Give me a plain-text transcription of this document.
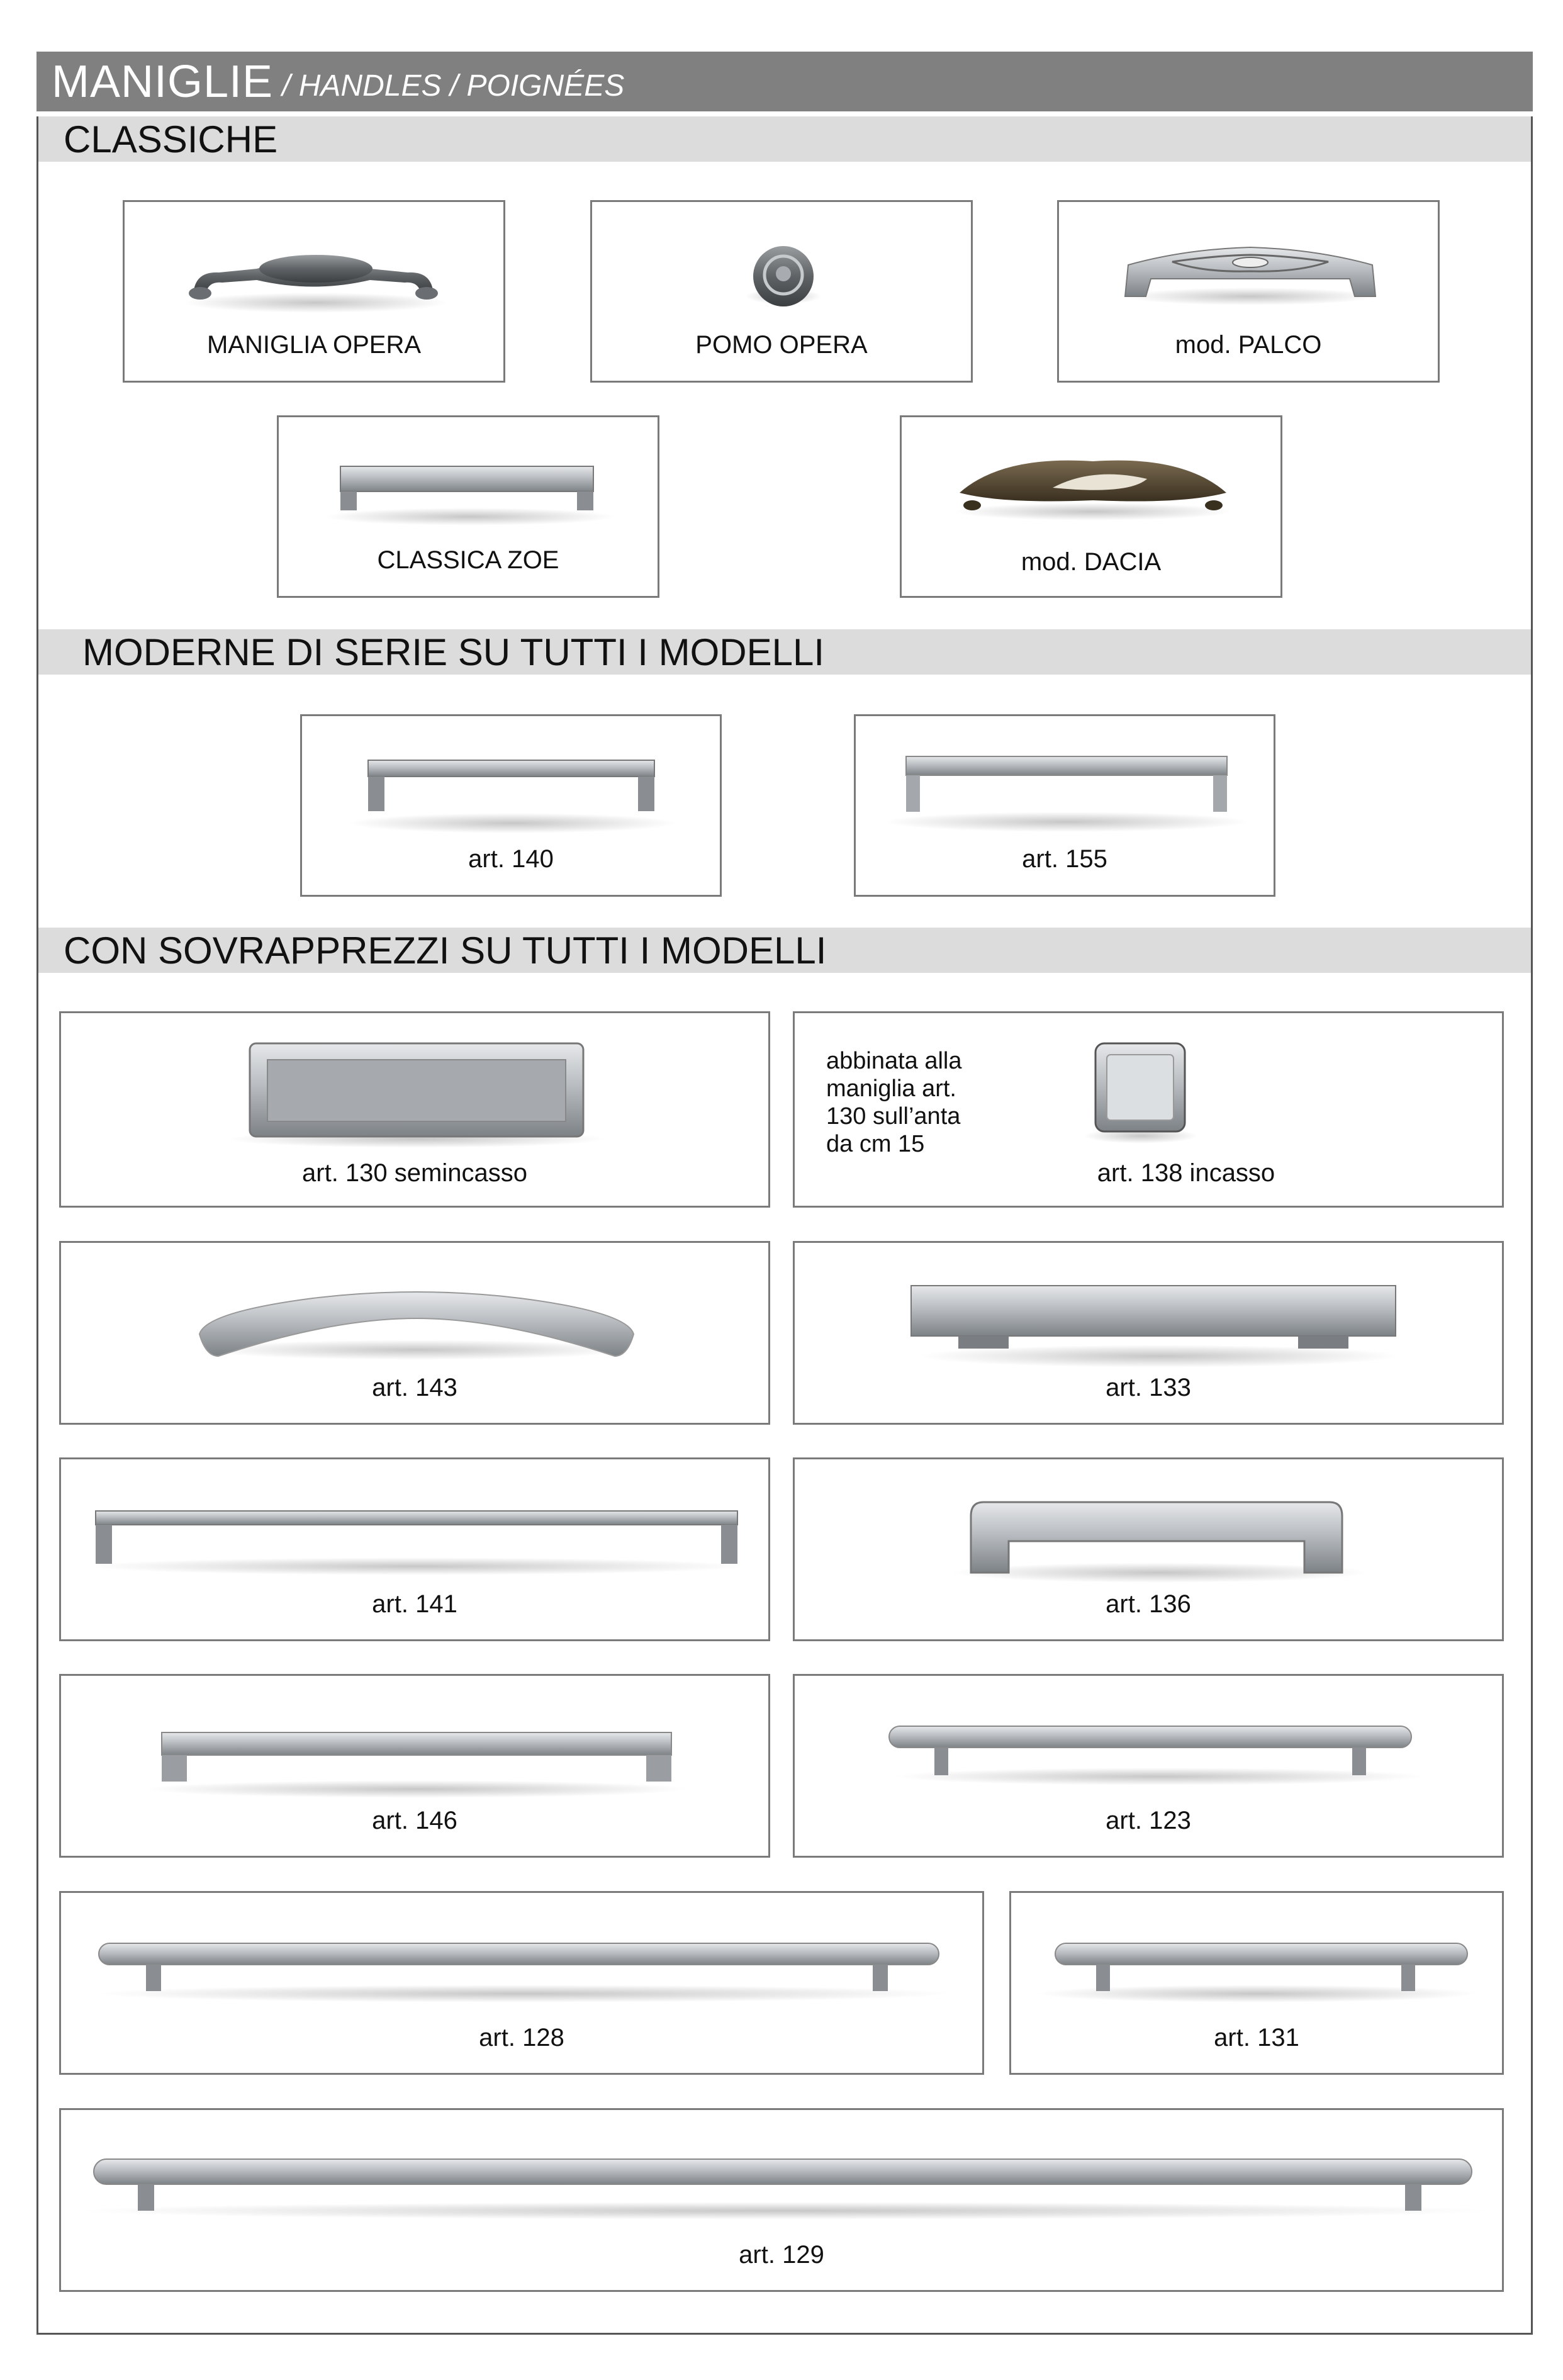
MANIGLIE / HANDLES / POIGNÉES
CLASSICHE
MODERNE DI SERIE SU TUTTI I MODELLI
CON SOVRAPPREZZI SU TUTTI I MODELLI
MANIGLIA OPERA	POMO OPERA	mod. PALCO
CLASSICA ZOE	mod. DACIA
art. 140	art. 155
art. 130 semincasso
abbinata alla
maniglia art.
130 sull’anta
da cm 15
art. 138 incasso
art. 143	art. 133
art. 141	art. 136
art. 146	art. 123
art. 128	art. 131
art. 129
